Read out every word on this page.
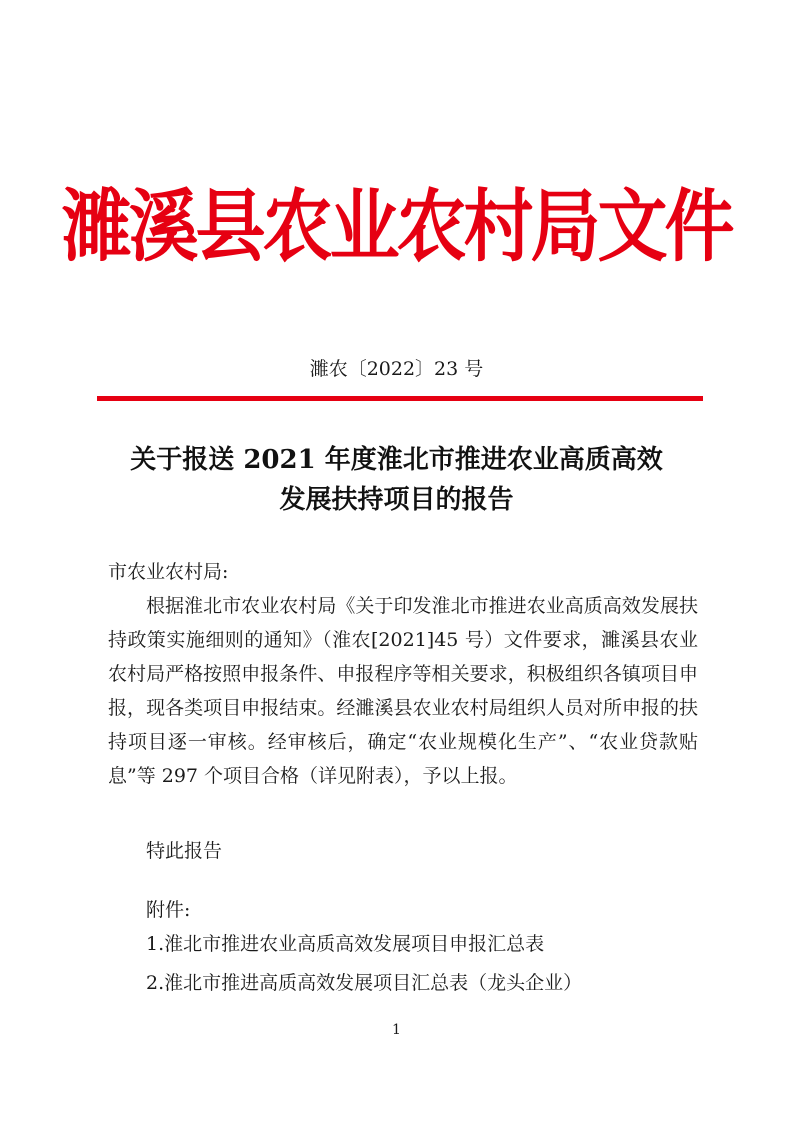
濉溪县农业农村局文件
濉农〔2022〕23 号
关于报送 2021 年度淮北市推进农业高质高效
发展扶持项目的报告
市农业农村局:
根据淮北市农业农村局《关于印发淮北市推进农业高质高效发展扶持政策实施细则的通知》（淮农[2021]45 号）文件要求，濉溪县农业农村局严格按照申报条件、申报程序等相关要求，积极组织各镇项目申报，现各类项目申报结束。经濉溪县农业农村局组织人员对所申报的扶持项目逐一审核。经审核后，确定“农业规模化生产”、“农业贷款贴息”等 297 个项目合格（详见附表），予以上报。
特此报告
附件:
1.淮北市推进农业高质高效发展项目申报汇总表
2.淮北市推进高质高效发展项目汇总表（龙头企业）
1
